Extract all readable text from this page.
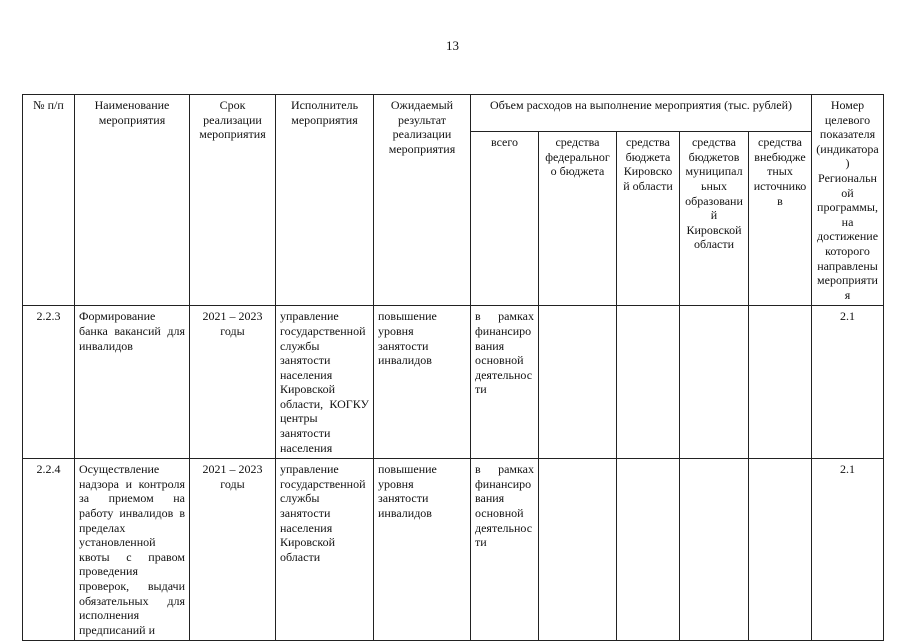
13
№ п/п	Наименование мероприятия	Срок реализации мероприятия	Исполнитель мероприятия	Ожидаемый результат реализации мероприятия	Объем расходов на выполнение мероприятия (тыс. рублей)					Номер целевого показателя (индикатора) Региональной программы, на достижение которого направлены мероприятия
					всего	средства федерального бюджета	средства бюджета Кировской области	средства бюджетов муниципальных образований Кировской области	средства внебюджетных источников	
2.2.3	Формирование банка вакансий для инвалидов	2021 – 2023 годы	управление государственной службы занятости населения Кировской области, КОГКУ центры занятости населения	повышение уровня занятости инвалидов	в рамках финансирования основной деятельности					2.1
2.2.4	Осуществление надзора и контроля за приемом на работу инвалидов в пределах установленной квоты с правом проведения проверок, выдачи обязательных для исполнения предписаний и	2021 – 2023 годы	управление государственной службы занятости населения Кировской области	повышение уровня занятости инвалидов	в рамках финансирования основной деятельности					2.1
